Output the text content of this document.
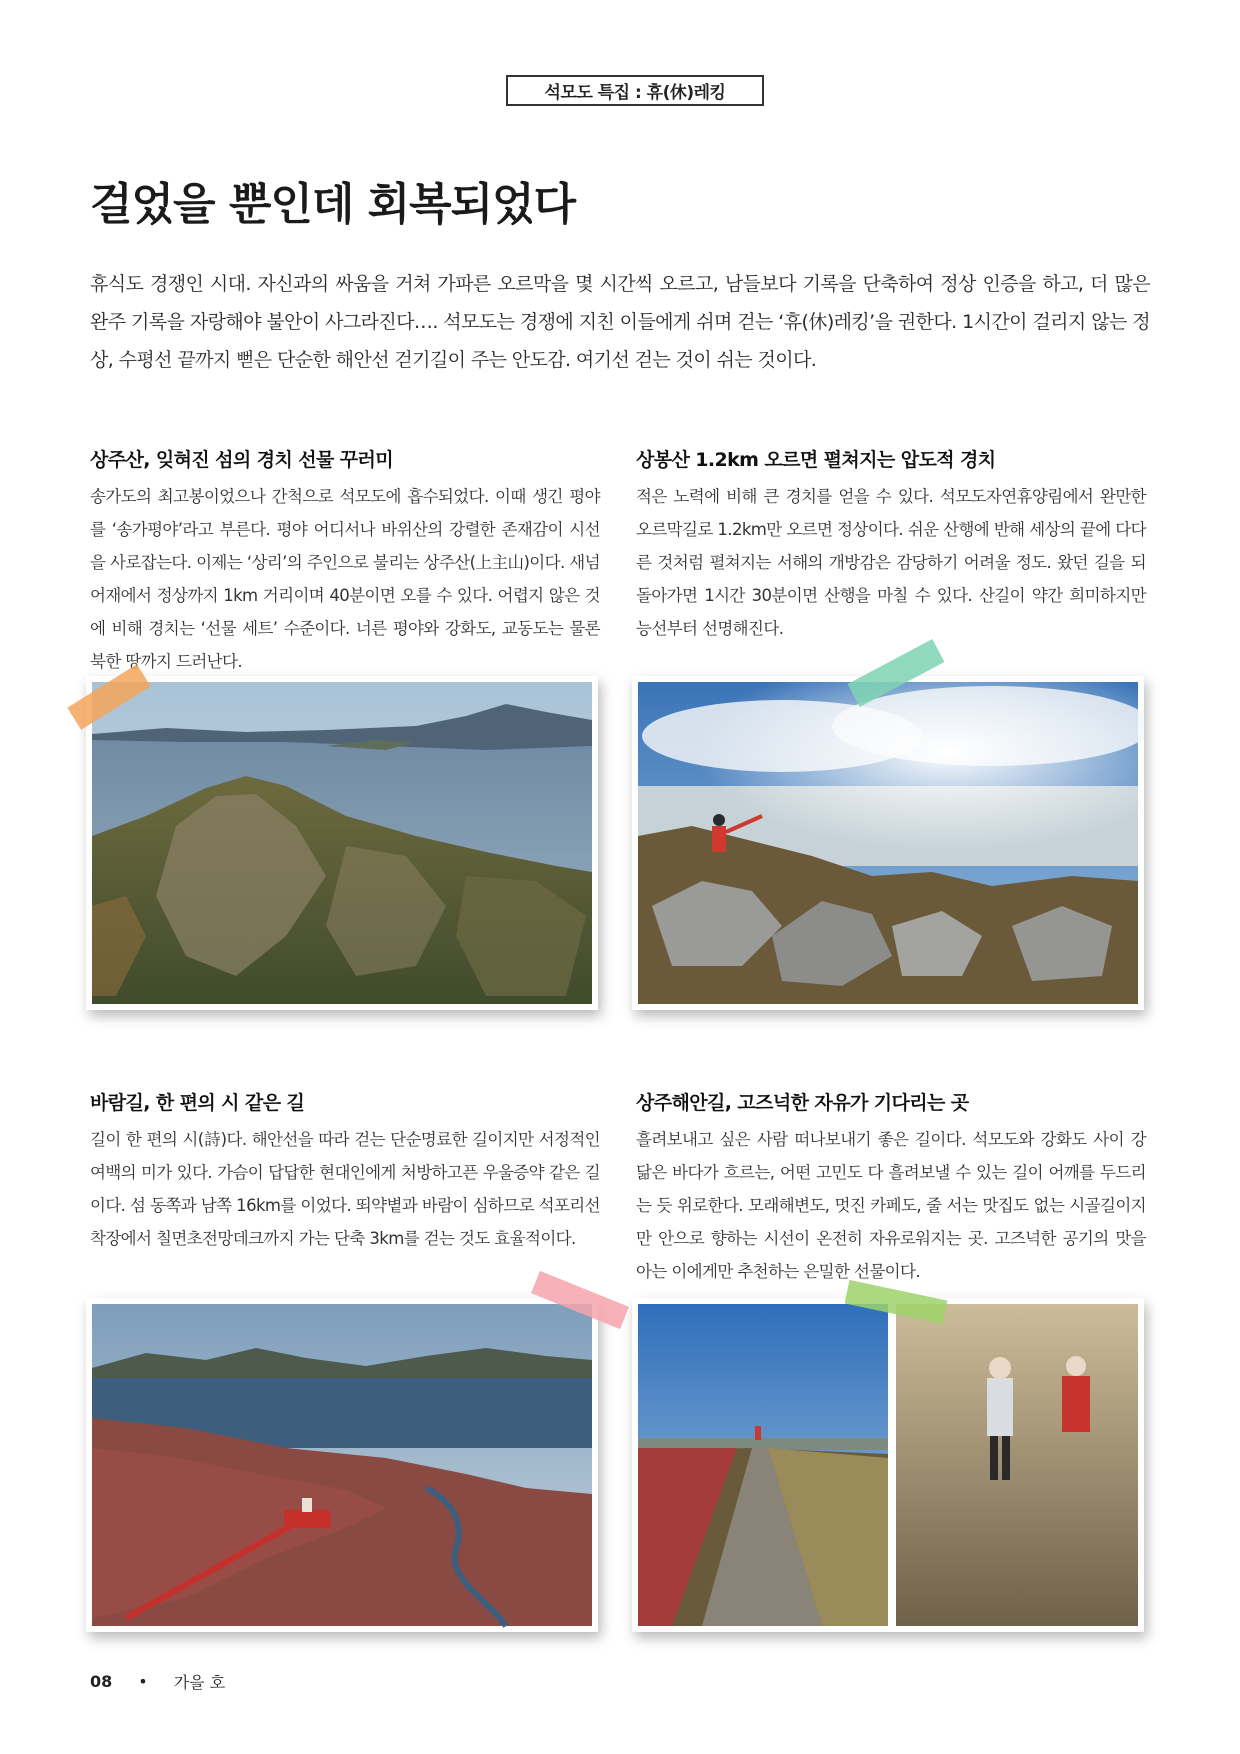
석모도 특집 : 휴(休)레킹
걸었을 뿐인데 회복되었다
휴식도 경쟁인 시대. 자신과의 싸움을 거쳐 가파른 오르막을 몇 시간씩 오르고, 남들보다 기록을 단축하여 정상 인증을 하고, 더 많은 완주 기록을 자랑해야 불안이 사그라진다…. 석모도는 경쟁에 지친 이들에게 쉬며 걷는 ‘휴(休)레킹’을 권한다. 1시간이 걸리지 않는 정상, 수평선 끝까지 뻗은 단순한 해안선 걷기길이 주는 안도감. 여기선 걷는 것이 쉬는 것이다.
상주산, 잊혀진 섬의 경치 선물 꾸러미

송가도의 최고봉이었으나 간척으로 석모도에 흡수되었다. 이때 생긴 평야를 ‘송가평야’라고 부른다. 평야 어디서나 바위산의 강렬한 존재감이 시선을 사로잡는다. 이제는 ‘상리’의 주인으로 불리는 상주산(上主山)이다. 새넘어재에서 정상까지 1km 거리이며 40분이면 오를 수 있다. 어렵지 않은 것에 비해 경치는 ‘선물 세트’ 수준이다. 너른 평야와 강화도, 교동도는 물론 북한 땅까지 드러난다.

상봉산 1.2km 오르면 펼쳐지는 압도적 경치

적은 노력에 비해 큰 경치를 얻을 수 있다. 석모도자연휴양림에서 완만한 오르막길로 1.2km만 오르면 정상이다. 쉬운 산행에 반해 세상의 끝에 다다른 것처럼 펼쳐지는 서해의 개방감은 감당하기 어려울 정도. 왔던 길을 되돌아가면 1시간 30분이면 산행을 마칠 수 있다. 산길이 약간 희미하지만 능선부터 선명해진다.

바람길, 한 편의 시 같은 길

길이 한 편의 시(詩)다. 해안선을 따라 걷는 단순명료한 길이지만 서정적인 여백의 미가 있다. 가슴이 답답한 현대인에게 처방하고픈 우울증약 같은 길이다. 섬 동쪽과 남쪽 16km를 이었다. 뙤약볕과 바람이 심하므로 석포리선착장에서 칠면초전망데크까지 가는 단축 3km를 걷는 것도 효율적이다.

상주해안길, 고즈넉한 자유가 기다리는 곳

흘려보내고 싶은 사람 떠나보내기 좋은 길이다. 석모도와 강화도 사이 강 닮은 바다가 흐르는, 어떤 고민도 다 흘려보낼 수 있는 길이 어깨를 두드리는 듯 위로한다. 모래해변도, 멋진 카페도, 줄 서는 맛집도 없는 시골길이지만 안으로 향하는 시선이 온전히 자유로워지는 곳. 고즈넉한 공기의 맛을 아는 이에게만 추천하는 은밀한 선물이다.

08 • 가을 호
